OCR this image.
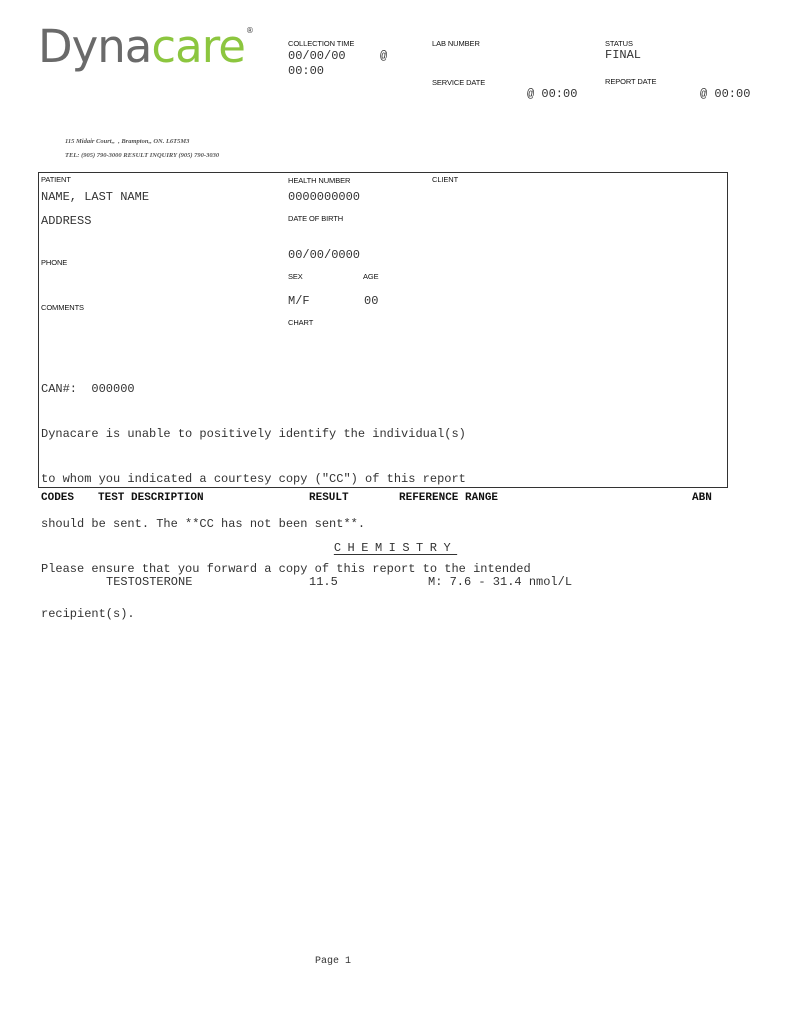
Dynacare®
COLLECTION TIME
00/00/00	@
00:00
LAB NUMBER	STATUS
FINAL
SERVICE DATE
@ 00:00
REPORT DATE
@ 00:00
115 Midair Court,,  , Brampton,, ON. L6T5M3
TEL: (905) 790-3000 RESULT INQUIRY (905) 790-3030
PATIENT
NAME, LAST NAME
ADDRESS
PHONE
COMMENTS
HEALTH NUMBER
0000000000
DATE OF BIRTH
00/00/0000
SEX	AGE
M/F	00
CHART
CLIENT
CAN#:  000000

Dynacare is unable to positively identify the individual(s)

to whom you indicated a courtesy copy ("CC") of this report

should be sent. The **CC has not been sent**.

Please ensure that you forward a copy of this report to the intended

recipient(s).

CODES TEST DESCRIPTION	RESULT	REFERENCE RANGE	ABN
CHEMISTRY
TESTOSTERONE	11.5	M: 7.6 - 31.4 nmol/L
Page 1
